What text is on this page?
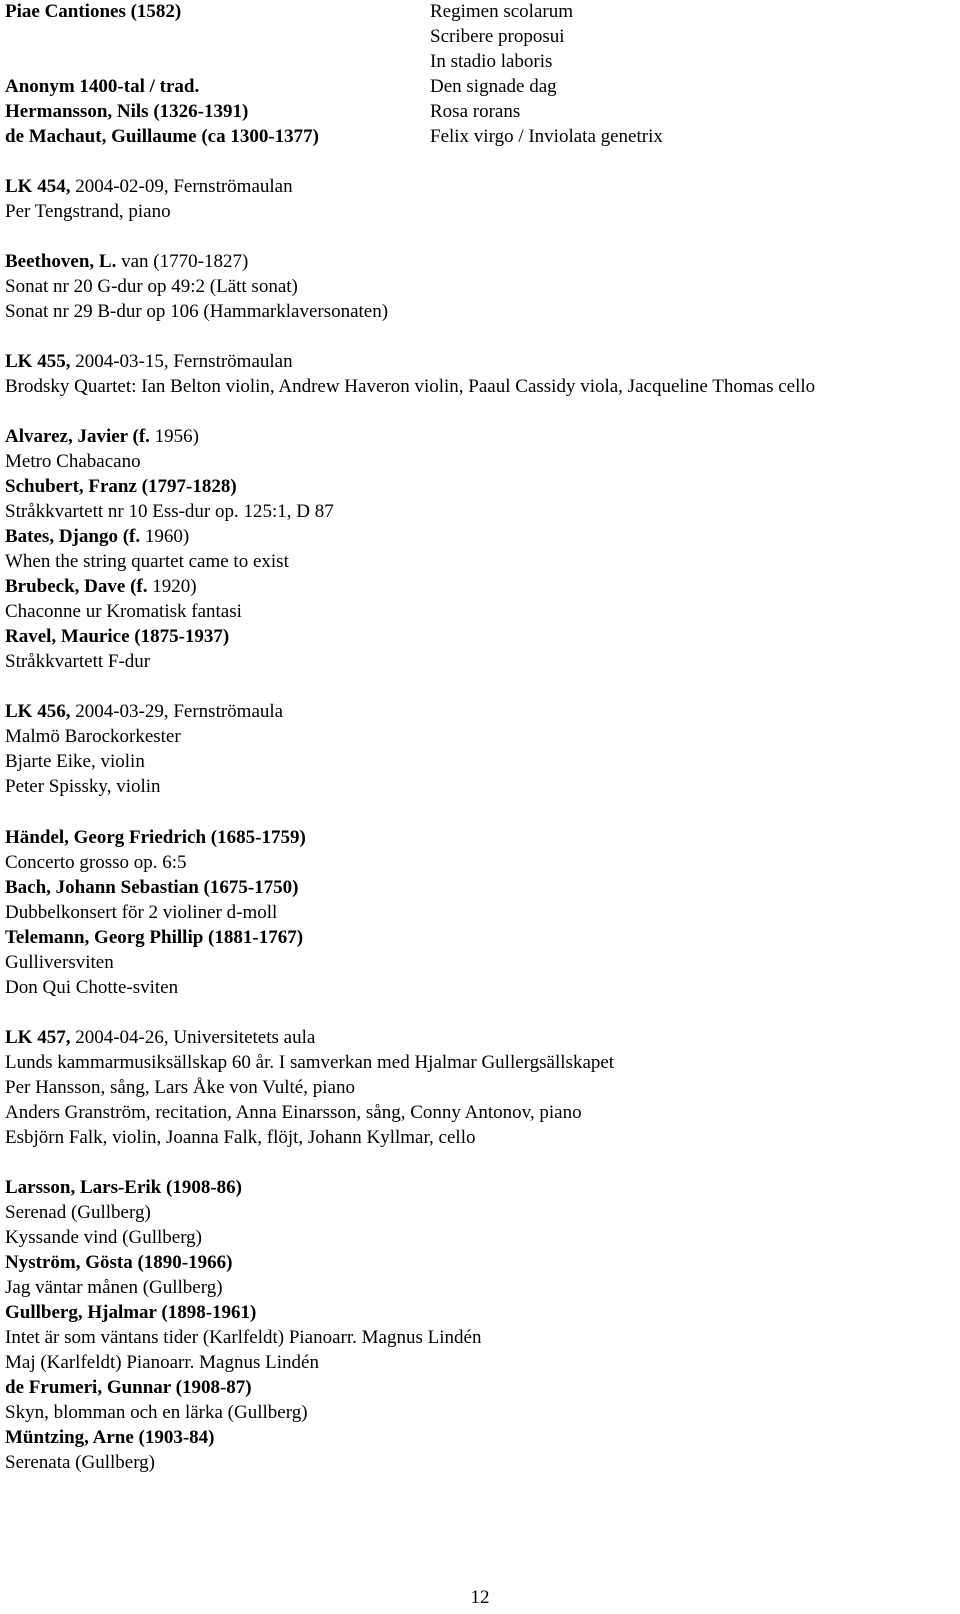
Piae Cantiones (1582)
Anonym 1400-tal / trad.
Hermansson, Nils (1326-1391)
de Machaut, Guillaume (ca 1300-1377)
Regimen scolarum
Scribere proposui
In stadio laboris
Den signade dag
Rosa rorans
Felix virgo / Inviolata genetrix
LK 454, 2004-02-09, Fernströmaulan
Per Tengstrand, piano
Beethoven, L. van (1770-1827)
Sonat nr 20 G-dur op 49:2 (Lätt sonat)
Sonat nr 29 B-dur op 106 (Hammarklaversonaten)
LK 455, 2004-03-15, Fernströmaulan
Brodsky Quartet: Ian Belton violin, Andrew Haveron violin, Paaul Cassidy viola, Jacqueline Thomas cello
Alvarez, Javier (f. 1956)
Metro Chabacano
Schubert, Franz (1797-1828)
Stråkkvartett nr 10 Ess-dur op. 125:1, D 87
Bates, Django (f. 1960)
When the string quartet came to exist
Brubeck, Dave (f. 1920)
Chaconne ur Kromatisk fantasi
Ravel, Maurice (1875-1937)
Stråkkvartett F-dur
LK 456, 2004-03-29, Fernströmaula
Malmö Barockorkester
Bjarte Eike, violin
Peter Spissky, violin
Händel, Georg Friedrich (1685-1759)
Concerto grosso op. 6:5
Bach, Johann Sebastian (1675-1750)
Dubbelkonsert för 2 violiner d-moll
Telemann, Georg Phillip (1881-1767)
Gulliversviten
Don Qui Chotte-sviten
LK 457, 2004-04-26, Universitetets aula
Lunds kammarmusiksällskap 60 år. I samverkan med Hjalmar Gullergsällskapet
Per Hansson, sång, Lars Åke von Vulté, piano
Anders Granström, recitation, Anna Einarsson, sång, Conny Antonov, piano
Esbjörn Falk, violin, Joanna Falk, flöjt, Johann Kyllmar, cello
Larsson, Lars-Erik (1908-86)
Serenad (Gullberg)
Kyssande vind (Gullberg)
Nyström, Gösta (1890-1966)
Jag väntar månen (Gullberg)
Gullberg, Hjalmar (1898-1961)
Intet är som väntans tider (Karlfeldt) Pianoarr. Magnus Lindén
Maj (Karlfeldt) Pianoarr. Magnus Lindén
de Frumeri, Gunnar (1908-87)
Skyn, blomman och en lärka (Gullberg)
Müntzing, Arne (1903-84)
Serenata (Gullberg)
12
